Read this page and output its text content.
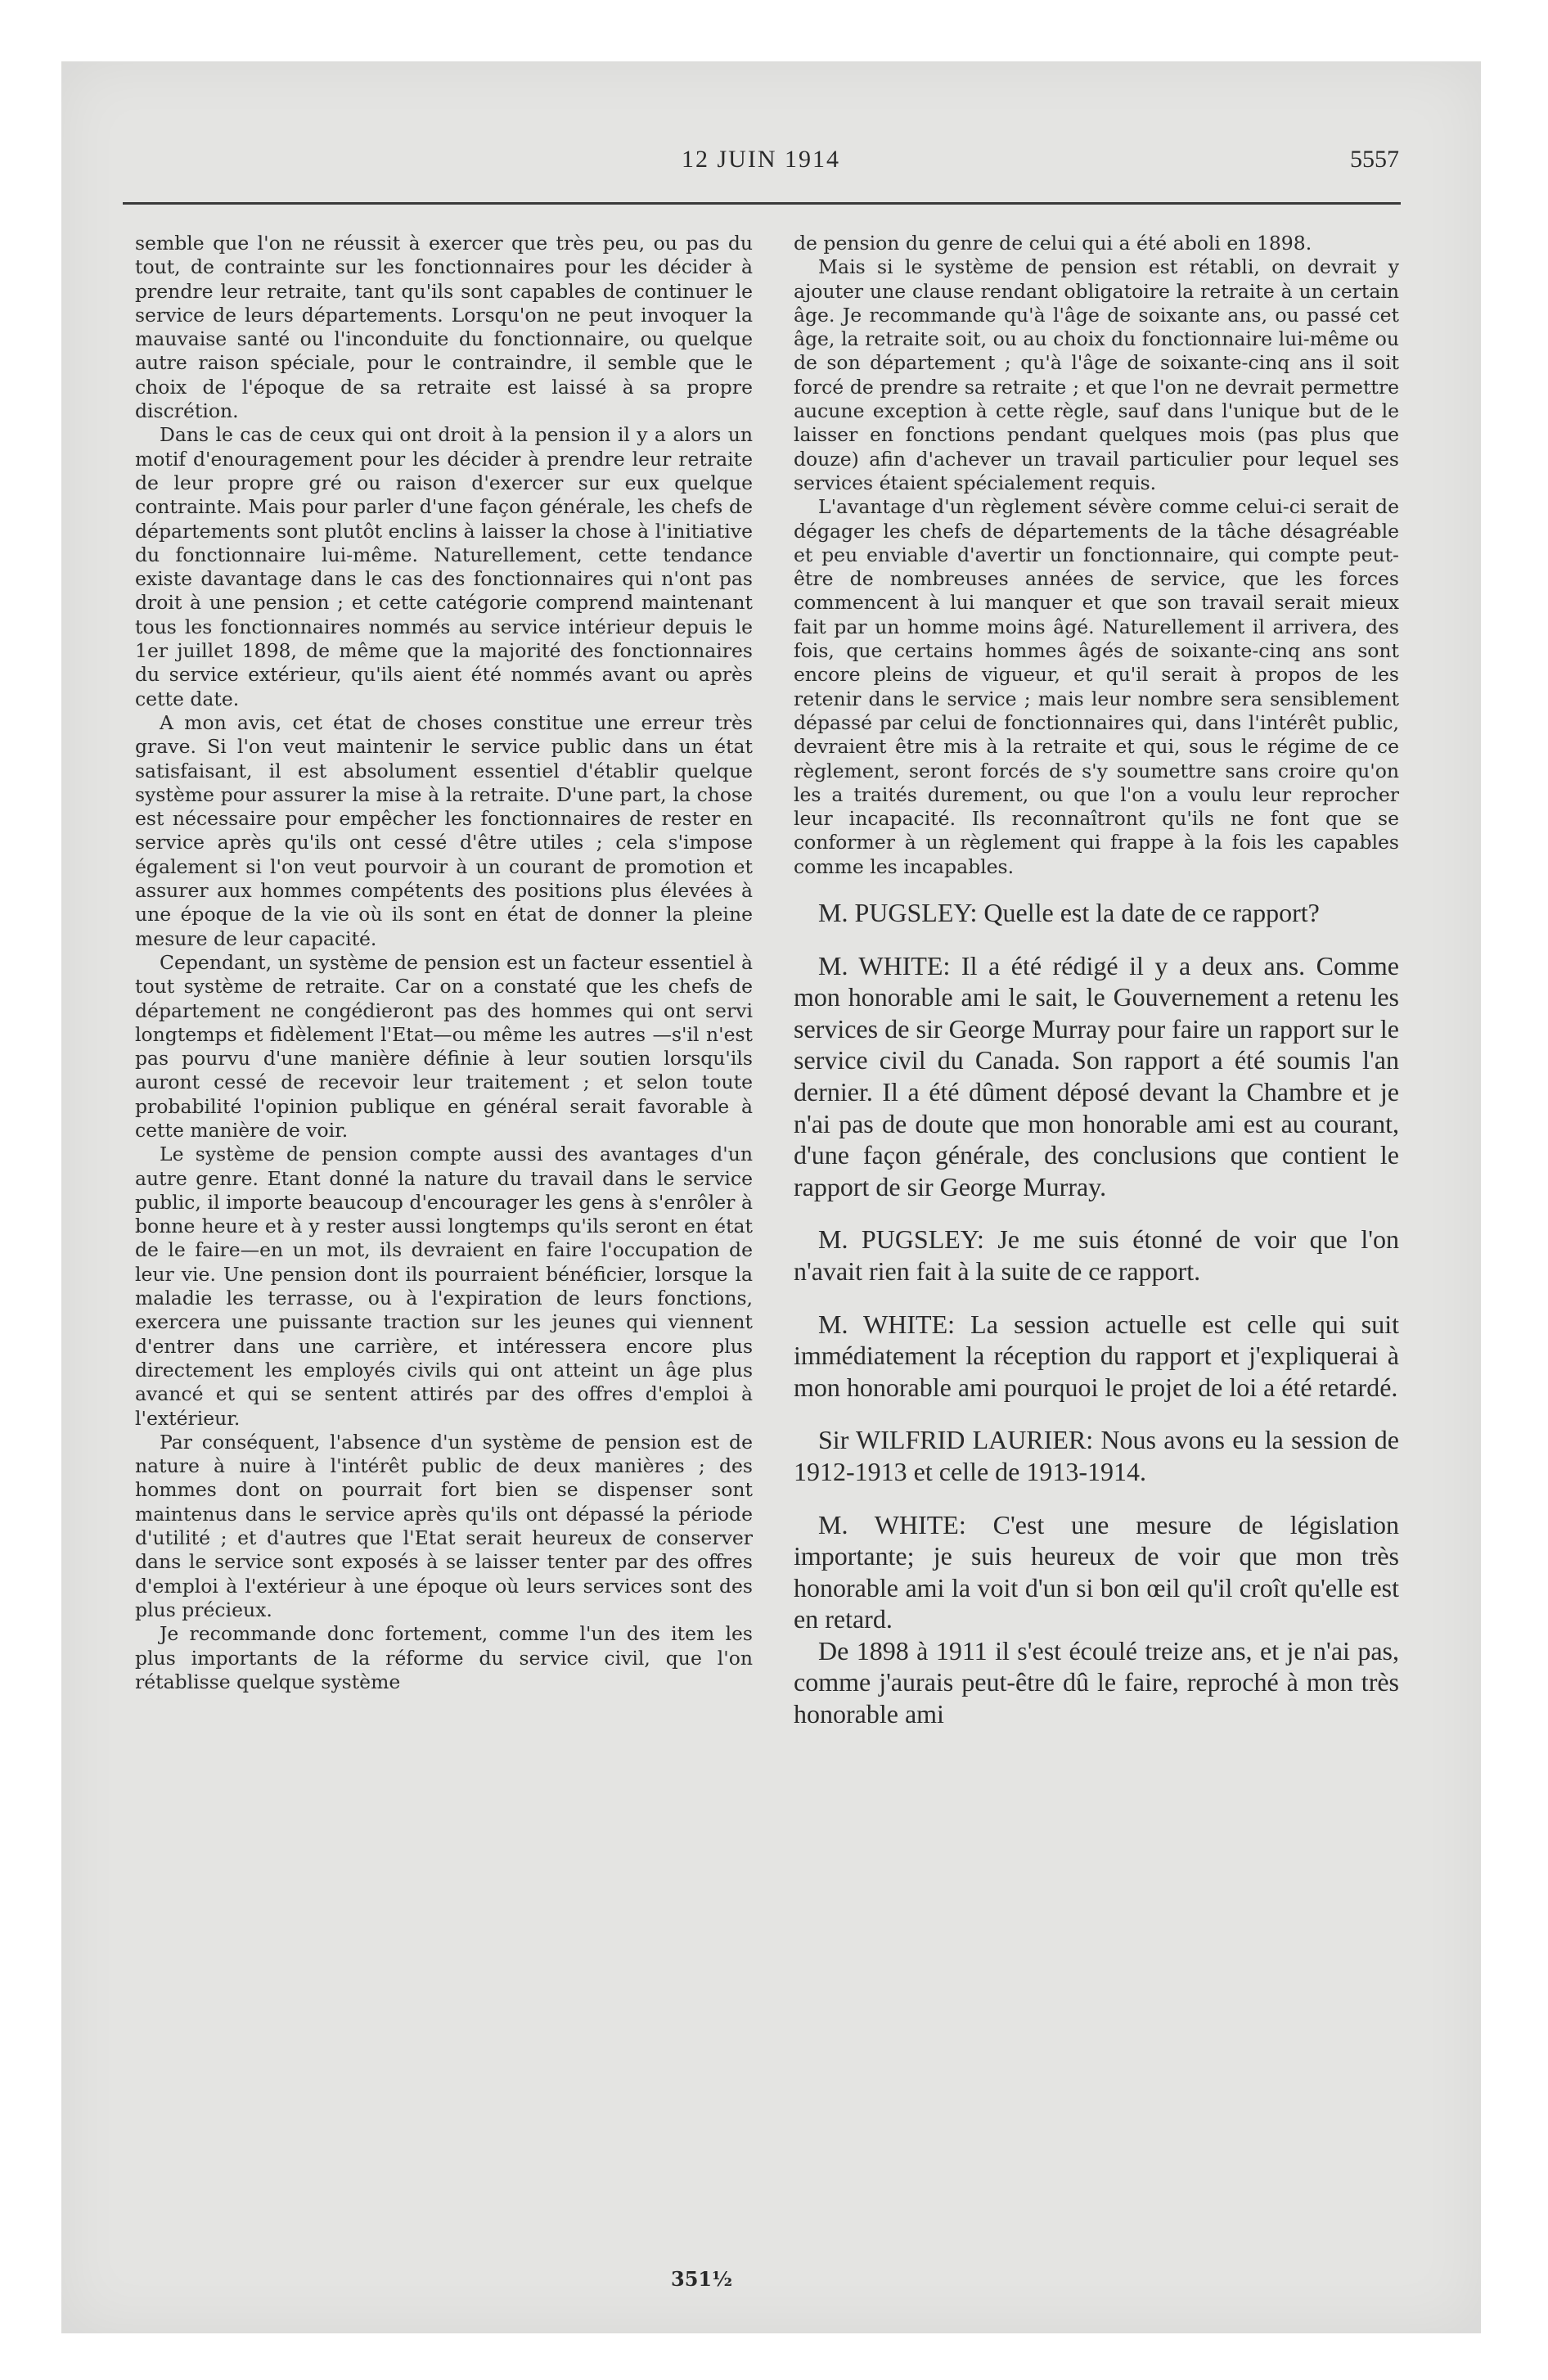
12 JUIN 1914	5557

semble que l'on ne réussit à exercer que très peu, ou pas du tout, de contrainte sur les fonctionnaires pour les décider à prendre leur retraite, tant qu'ils sont capables de continuer le service de leurs départements. Lorsqu'on ne peut invoquer la mauvaise santé ou l'inconduite du fonctionnaire, ou quelque autre raison spéciale, pour le contraindre, il semble que le choix de l'époque de sa retraite est laissé à sa propre discrétion.

Dans le cas de ceux qui ont droit à la pension il y a alors un motif d'enouragement pour les décider à prendre leur retraite de leur propre gré ou raison d'exercer sur eux quelque contrainte. Mais pour parler d'une façon générale, les chefs de départements sont plutôt enclins à laisser la chose à l'initiative du fonctionnaire lui-même. Naturellement, cette tendance existe davantage dans le cas des fonctionnaires qui n'ont pas droit à une pension ; et cette catégorie comprend maintenant tous les fonctionnaires nommés au service intérieur depuis le 1er juillet 1898, de même que la majorité des fonctionnaires du service extérieur, qu'ils aient été nommés avant ou après cette date.

A mon avis, cet état de choses constitue une erreur très grave. Si l'on veut maintenir le service public dans un état satisfaisant, il est absolument essentiel d'établir quelque système pour assurer la mise à la retraite. D'une part, la chose est nécessaire pour empêcher les fonctionnaires de rester en service après qu'ils ont cessé d'être utiles ; cela s'impose également si l'on veut pourvoir à un courant de promotion et assurer aux hommes compétents des positions plus élevées à une époque de la vie où ils sont en état de donner la pleine mesure de leur capacité.

Cependant, un système de pension est un facteur essentiel à tout système de retraite. Car on a constaté que les chefs de département ne congédieront pas des hommes qui ont servi longtemps et fidèlement l'Etat—ou même les autres —s'il n'est pas pourvu d'une manière définie à leur soutien lorsqu'ils auront cessé de recevoir leur traitement ; et selon toute probabilité l'opinion publique en général serait favorable à cette manière de voir.

Le système de pension compte aussi des avantages d'un autre genre. Etant donné la nature du travail dans le service public, il importe beaucoup d'encourager les gens à s'enrôler à bonne heure et à y rester aussi longtemps qu'ils seront en état de le faire—en un mot, ils devraient en faire l'occupation de leur vie. Une pension dont ils pourraient bénéficier, lorsque la maladie les terrasse, ou à l'expiration de leurs fonctions, exercera une puissante traction sur les jeunes qui viennent d'entrer dans une carrière, et intéressera encore plus directement les employés civils qui ont atteint un âge plus avancé et qui se sentent attirés par des offres d'emploi à l'extérieur.

Par conséquent, l'absence d'un système de pension est de nature à nuire à l'intérêt public de deux manières ; des hommes dont on pourrait fort bien se dispenser sont maintenus dans le service après qu'ils ont dépassé la période d'utilité ; et d'autres que l'Etat serait heureux de conserver dans le service sont exposés à se laisser tenter par des offres d'emploi à l'extérieur à une époque où leurs services sont des plus précieux.

Je recommande donc fortement, comme l'un des item les plus importants de la réforme du service civil, que l'on rétablisse quelque système

de pension du genre de celui qui a été aboli en 1898.

Mais si le système de pension est rétabli, on devrait y ajouter une clause rendant obligatoire la retraite à un certain âge. Je recommande qu'à l'âge de soixante ans, ou passé cet âge, la retraite soit, ou au choix du fonctionnaire lui-même ou de son département ; qu'à l'âge de soixante-cinq ans il soit forcé de prendre sa retraite ; et que l'on ne devrait permettre aucune exception à cette règle, sauf dans l'unique but de le laisser en fonctions pendant quelques mois (pas plus que douze) afin d'achever un travail particulier pour lequel ses services étaient spécialement requis.

L'avantage d'un règlement sévère comme celui-ci serait de dégager les chefs de départements de la tâche désagréable et peu enviable d'avertir un fonctionnaire, qui compte peut-être de nombreuses années de service, que les forces commencent à lui manquer et que son travail serait mieux fait par un homme moins âgé. Naturellement il arrivera, des fois, que certains hommes âgés de soixante-cinq ans sont encore pleins de vigueur, et qu'il serait à propos de les retenir dans le service ; mais leur nombre sera sensiblement dépassé par celui de fonctionnaires qui, dans l'intérêt public, devraient être mis à la retraite et qui, sous le régime de ce règlement, seront forcés de s'y soumettre sans croire qu'on les a traités durement, ou que l'on a voulu leur reprocher leur incapacité. Ils reconnaîtront qu'ils ne font que se conformer à un règlement qui frappe à la fois les capables comme les incapables.

M. PUGSLEY: Quelle est la date de ce rapport?

M. WHITE: Il a été rédigé il y a deux ans. Comme mon honorable ami le sait, le Gouvernement a retenu les services de sir George Murray pour faire un rapport sur le service civil du Canada. Son rapport a été soumis l'an dernier. Il a été dûment déposé devant la Chambre et je n'ai pas de doute que mon honorable ami est au courant, d'une façon générale, des conclusions que contient le rapport de sir George Murray.

M. PUGSLEY: Je me suis étonné de voir que l'on n'avait rien fait à la suite de ce rapport.

M. WHITE: La session actuelle est celle qui suit immédiatement la réception du rapport et j'expliquerai à mon honorable ami pourquoi le projet de loi a été retardé.

Sir WILFRID LAURIER: Nous avons eu la session de 1912-1913 et celle de 1913-1914.

M. WHITE: C'est une mesure de législation importante; je suis heureux de voir que mon très honorable ami la voit d'un si bon œil qu'il croît qu'elle est en retard.

De 1898 à 1911 il s'est écoulé treize ans, et je n'ai pas, comme j'aurais peut-être dû le faire, reproché à mon très honorable ami

351½
